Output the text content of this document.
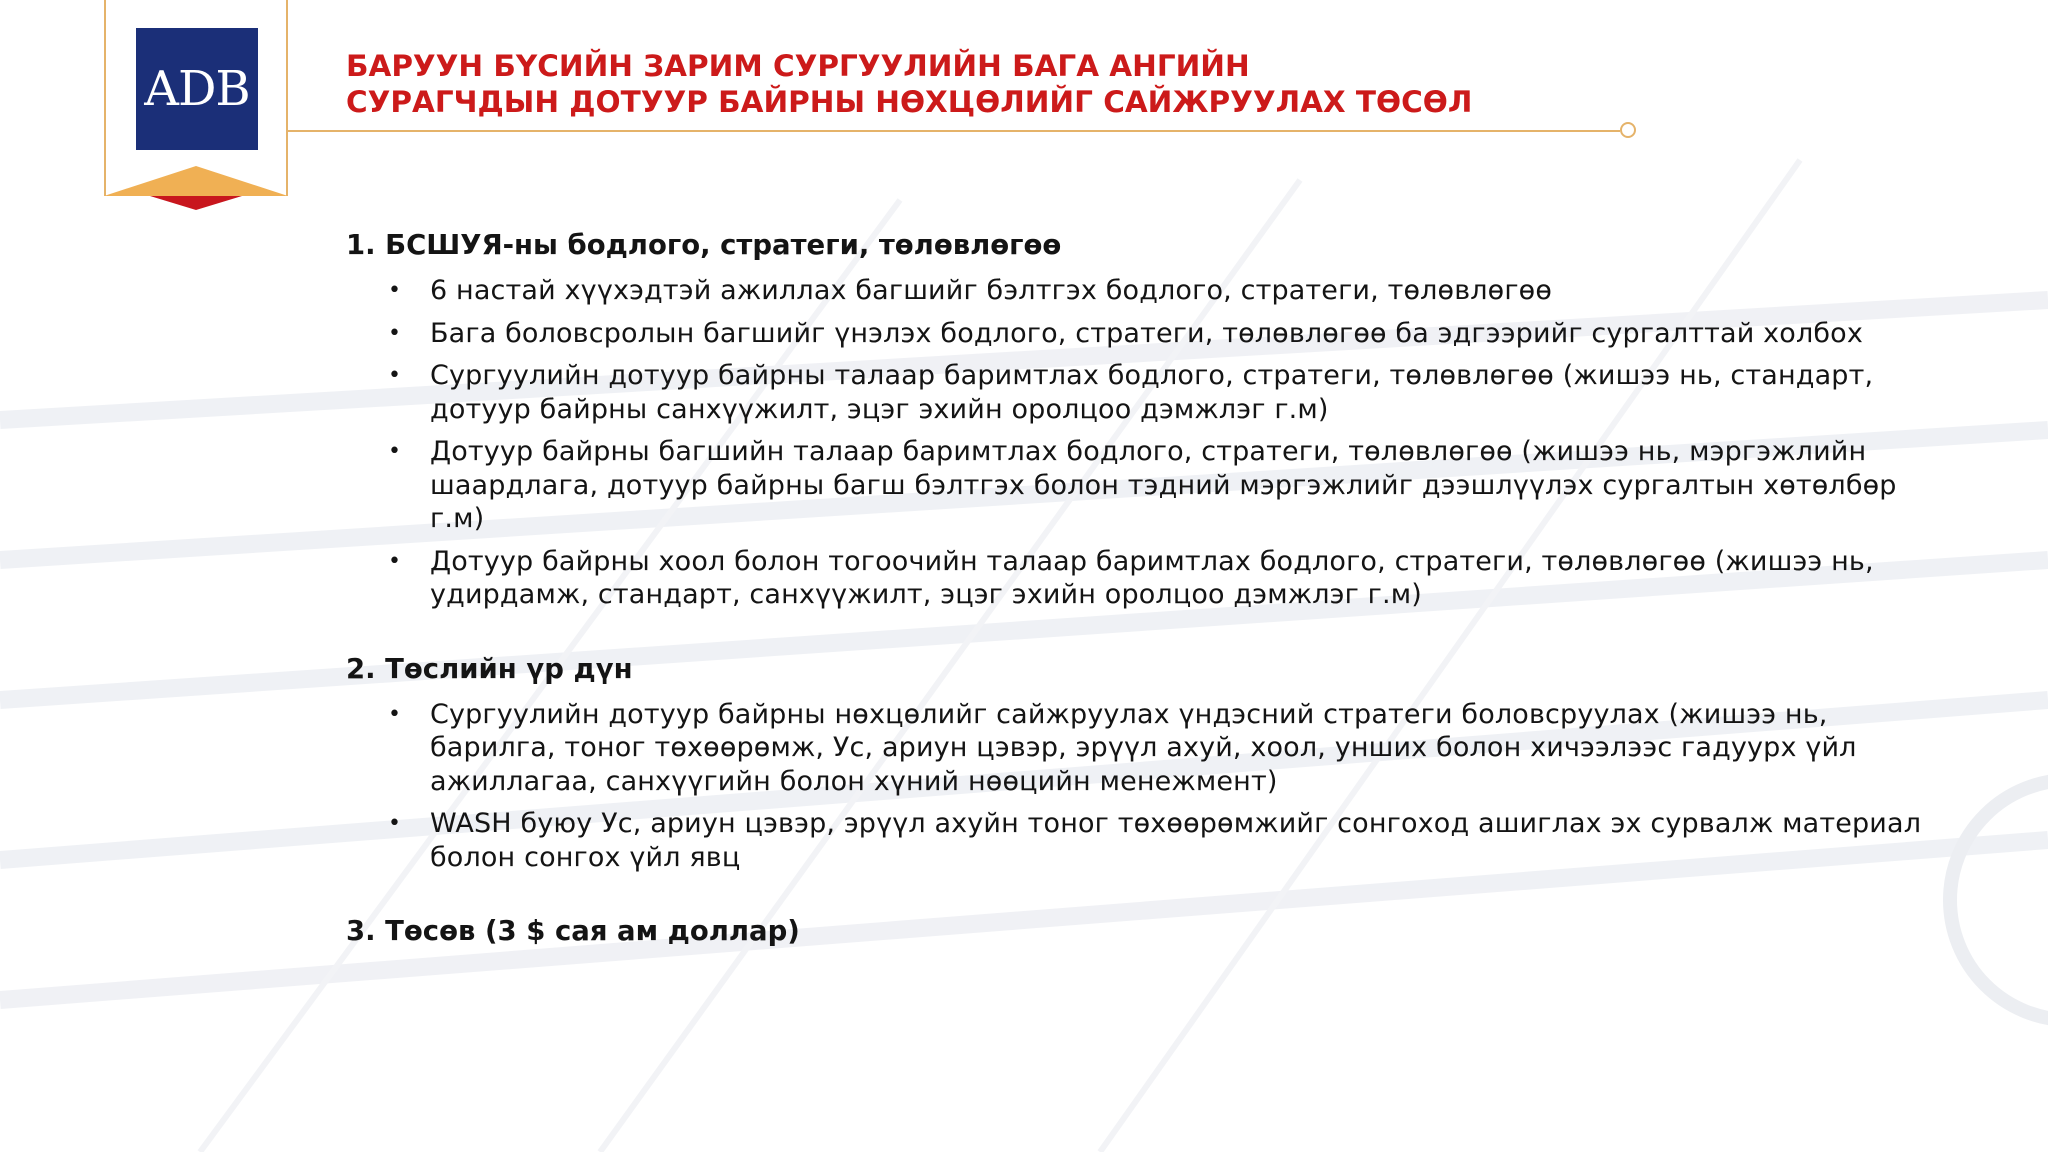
ADB	БАРУУН БҮСИЙН ЗАРИМ СУРГУУЛИЙН БАГА АНГИЙН
СУРАГЧДЫН ДОТУУР БАЙРНЫ НӨХЦӨЛИЙГ САЙЖРУУЛАХ ТӨСӨЛ
1. БСШУЯ-ны бодлого, стратеги, төлөвлөгөө
• 6 настай хүүхэдтэй ажиллах багшийг бэлтгэх бодлого, стратеги, төлөвлөгөө
• Бага боловсролын багшийг үнэлэх бодлого, стратеги, төлөвлөгөө ба эдгээрийг сургалттай холбох
• Сургуулийн дотуур байрны талаар баримтлах бодлого, стратеги, төлөвлөгөө (жишээ нь, стандарт, дотуур байрны санхүүжилт, эцэг эхийн оролцоо дэмжлэг г.м)
• Дотуур байрны багшийн талаар баримтлах бодлого, стратеги, төлөвлөгөө (жишээ нь, мэргэжлийн шаардлага, дотуур байрны багш бэлтгэх болон тэдний мэргэжлийг дээшлүүлэх сургалтын хөтөлбөр г.м)
• Дотуур байрны хоол болон тогоочийн талаар баримтлах бодлого, стратеги, төлөвлөгөө (жишээ нь, удирдамж, стандарт, санхүүжилт, эцэг эхийн оролцоо дэмжлэг г.м)
2. Төслийн үр дүн
• Сургуулийн дотуур байрны нөхцөлийг сайжруулах үндэсний стратеги боловсруулах (жишээ нь, барилга, тоног төхөөрөмж, Ус, ариун цэвэр, эрүүл ахуй, хоол, унших болон хичээлээс гадуурх үйл ажиллагаа, санхүүгийн болон хүний нөөцийн менежмент)
• WASH буюу Ус, ариун цэвэр, эрүүл ахуйн тоног төхөөрөмжийг сонгоход ашиглах эх сурвалж материал болон сонгох үйл явц
3. Төсөв (3 $ сая ам доллар)
